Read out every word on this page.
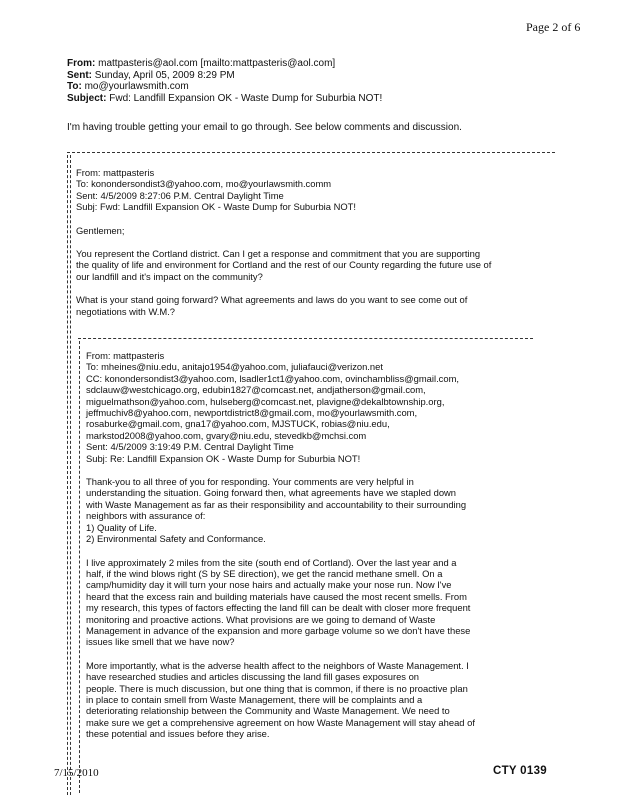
Page 2 of 6
From: mattpasteris@aol.com [mailto:mattpasteris@aol.com]
Sent: Sunday, April 05, 2009 8:29 PM
To: mo@yourlawsmith.com
Subject: Fwd: Landfill Expansion OK - Waste Dump for Suburbia NOT!
I'm having trouble getting your email to go through. See below comments and discussion.
From: mattpasteris
To: konondersondist3@yahoo.com, mo@yourlawsmith.comm
Sent: 4/5/2009 8:27:06 P.M. Central Daylight Time
Subj: Fwd: Landfill Expansion OK - Waste Dump for Suburbia NOT!
Gentlemen;
You represent the Cortland district. Can I get a response and commitment that you are supporting
the quality of life and environment for Cortland and the rest of our County regarding the future use of
our landfill and it's impact on the community?
What is your stand going forward? What agreements and laws do you want to see come out of
negotiations with W.M.?
From: mattpasteris
To: mheines@niu.edu, anitajo1954@yahoo.com, juliafauci@verizon.net
CC: konondersondist3@yahoo.com, lsadler1ct1@yahoo.com, ovinchambliss@gmail.com,
sdclauw@westchicago.org, edubin1827@comcast.net, andjatherson@gmail.com,
miguelmathson@yahoo.com, hulseberg@comcast.net, plavigne@dekalbtownship.org,
jeffmuchiv8@yahoo.com, newportdistrict8@gmail.com, mo@yourlawsmith.com,
rosaburke@gmail.com, gna17@yahoo.com, MJSTUCK, robias@niu.edu,
markstod2008@yahoo.com, gvary@niu.edu, stevedkb@mchsi.com
Sent: 4/5/2009 3:19:49 P.M. Central Daylight Time
Subj: Re: Landfill Expansion OK - Waste Dump for Suburbia NOT!
Thank-you to all three of you for responding. Your comments are very helpful in
understanding the situation. Going forward then, what agreements have we stapled down
with Waste Management as far as their responsibility and accountability to their surrounding
neighbors with assurance of:
1) Quality of Life.
2) Environmental Safety and Conformance.
I live approximately 2 miles from the site (south end of Cortland). Over the last year and a
half, if the wind blows right (S by SE direction), we get the rancid methane smell. On a
camp/humidity day it will turn your nose hairs and actually make your nose run. Now I've
heard that the excess rain and building materials have caused the most recent smells. From
my research, this types of factors effecting the land fill can be dealt with closer more frequent
monitoring and proactive actions. What provisions are we going to demand of Waste
Management in advance of the expansion and more garbage volume so we don't have these
issues like smell that we have now?
More importantly, what is the adverse health affect to the neighbors of Waste Management. I
have researched studies and articles discussing the land fill gases exposures on
people. There is much discussion, but one thing that is common, if there is no proactive plan
in place to contain smell from Waste Management, there will be complaints and a
deteriorating relationship between the Community and Waste Management. We need to
make sure we get a comprehensive agreement on how Waste Management will stay ahead of
these potential and issues before they arise.
7/15/2010	CTY 0139
